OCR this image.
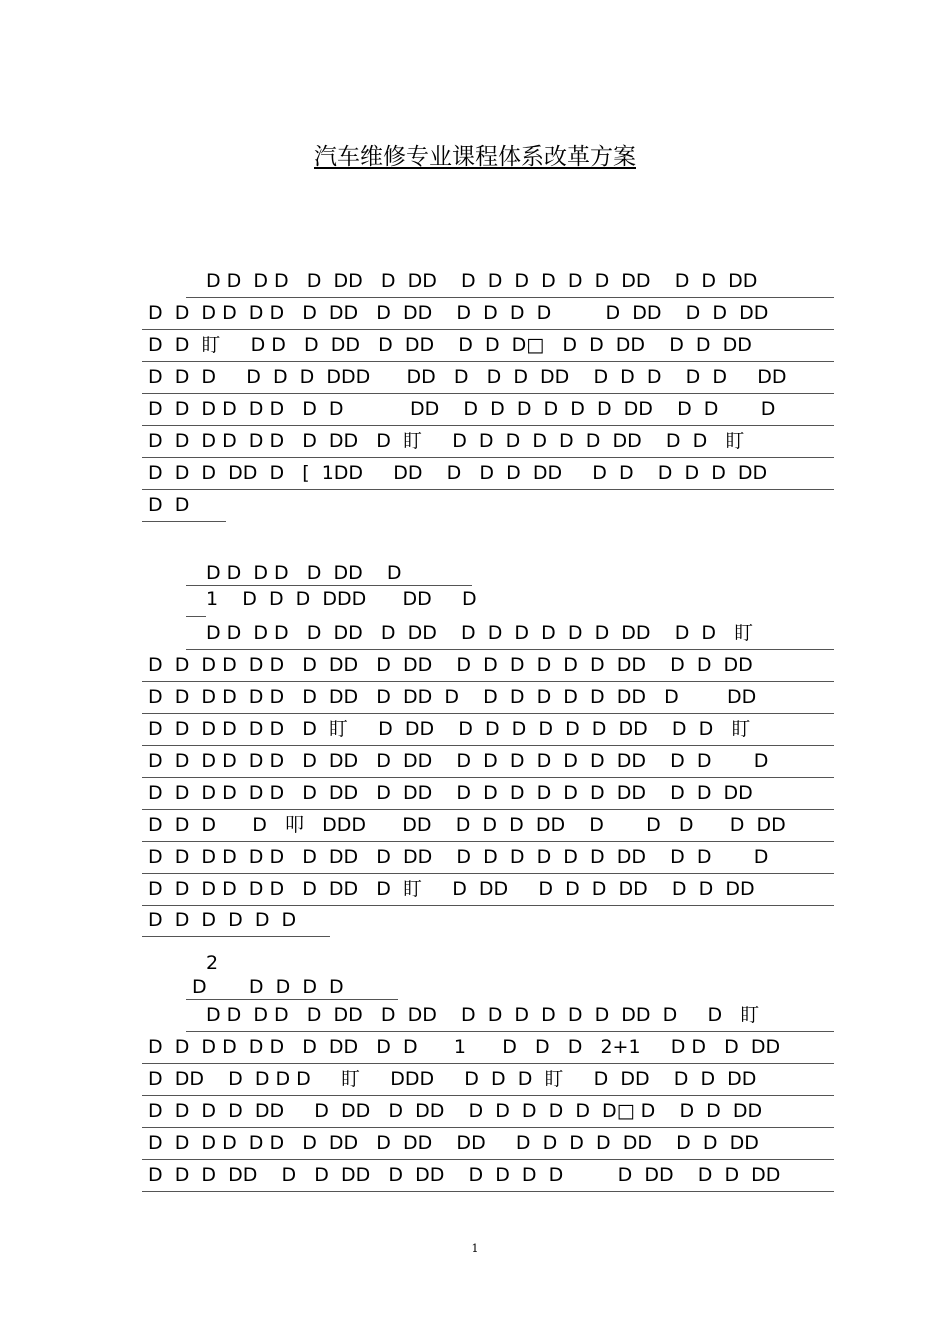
汽车维修专业课程体系改革方案
D D  D D   D  DD   D  DD    D  D  D  D  D  D  DD    D  D  DD
D  D  D D  D D   D  DD   D  DD    D  D  D  D         D  DD    D  D  DD
D  D  盯     D D   D  DD   D  DD    D  D  D□   D  D  DD    D  D  DD
D  D  D     D  D  D  DDD      DD   D   D  D  DD    D  D  D    D  D     DD
D  D  D D  D D   D  D           DD    D  D  D  D  D  D  DD    D  D       D
D  D  D D  D D   D  DD   D  盯     D  D  D  D  D  D  DD    D  D   盯
D  D  D  DD  D   [  1DD     DD    D   D  D  DD     D  D    D  D  D  DD
D  D
D D  D D   D  DD    D
1    D  D  D  DDD      DD     D
D D  D D   D  DD   D  DD    D  D  D  D  D  D  DD    D  D   盯
D  D  D D  D D   D  DD   D  DD    D  D  D  D  D  D  DD    D  D  DD
D  D  D D  D D   D  DD   D  DD  D    D  D  D  D  D  DD   D        DD
D  D  D D  D D   D  盯     D  DD    D  D  D  D  D  D  DD    D  D   盯
D  D  D D  D D   D  DD   D  DD    D  D  D  D  D  D  DD    D  D       D
D  D  D D  D D   D  DD   D  DD    D  D  D  D  D  D  DD    D  D  DD
D  D  D      D   叩   DDD      DD    D  D  D  DD    D       D   D      D  DD
D  D  D D  D D   D  DD   D  DD    D  D  D  D  D  D  DD    D  D       D
D  D  D D  D D   D  DD   D  盯     D  DD     D  D  D  DD    D  D  DD
D  D  D  D  D  D
2
D       D  D  D  D
D D  D D   D  DD   D  DD    D  D  D  D  D  D  DD  D     D   盯
D  D  D D  D D   D  DD   D  D      1      D   D   D   2+1     D D   D  DD
D  DD    D  D D D     盯     DDD     D  D  D  盯     D  DD    D  D  DD
D  D  D  D  DD     D  DD   D  DD    D  D  D  D  D  D□ D    D  D  DD
D  D  D D  D D   D  DD   D  DD    DD     D  D  D  D  DD    D  D  DD
D  D  D  DD    D   D  DD   D  DD    D  D  D  D         D  DD    D  D  DD
1
